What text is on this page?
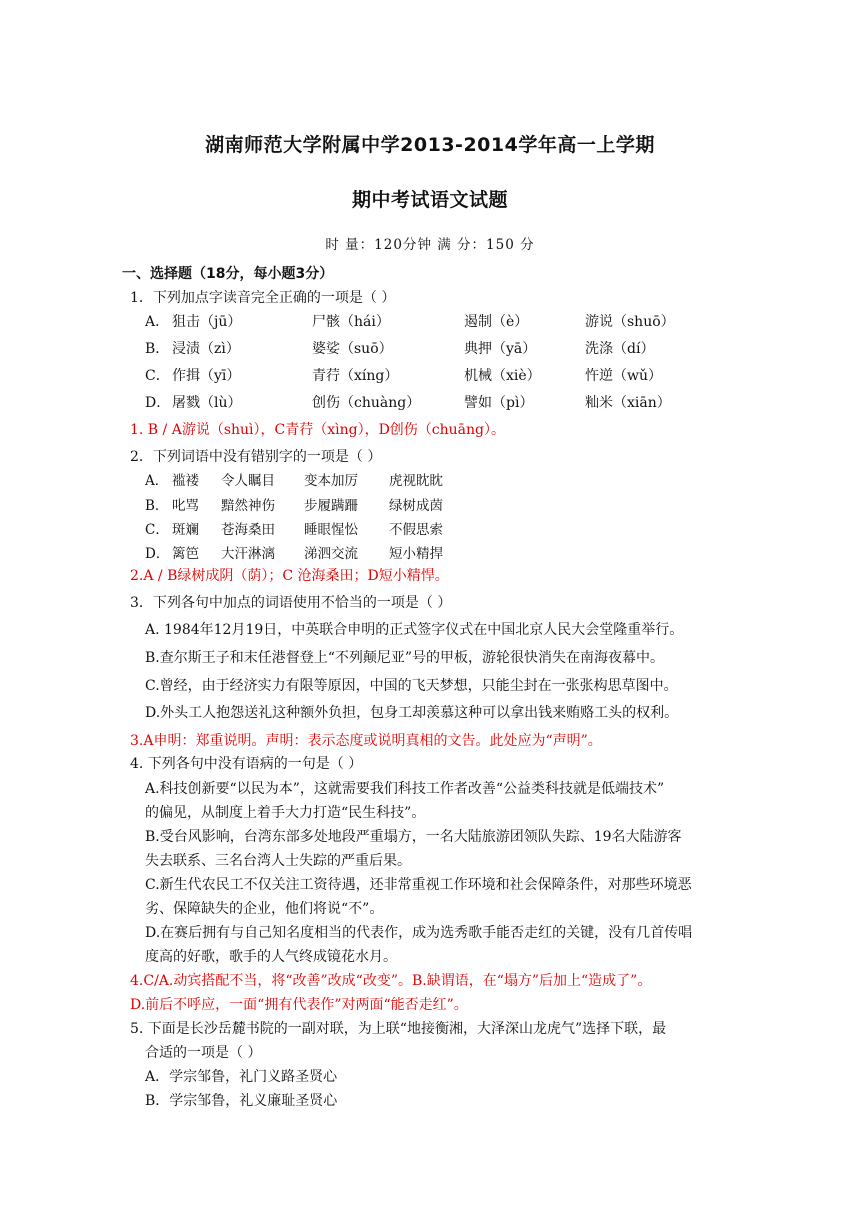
湖南师范大学附属中学2013-2014学年高一上学期
期中考试语文试题
时 量：120分钟 满 分：150 分
一、选择题（18分，每小题3分）
1．下列加点字读音完全正确的一项是（ ）
A． 狙击（jū）	尸骸（hái）	遏制（è）	游说（shuō）
B． 浸渍（zì）	婆娑（suō）	典押（yā）	洗涤（dí）
C． 作揖（yī）	青荇（xíng）	机械（xiè）	忤逆（wǔ）
D． 屠戮（lù）	创伤（chuàng）	譬如（pì）	籼米（xiān）
1. B / A游说（shuì），C青荇（xìng），D创伤（chuāng）。
2．下列词语中没有错别字的一项是（ ）
A． 褴褛 令人瞩目 变本加厉 虎视眈眈
B． 叱骂 黯然神伤 步履蹒跚 绿树成茵
C． 斑斓 苍海桑田 睡眼惺忪 不假思索
D． 篱笆 大汗淋漓 涕泗交流 短小精捍
2.A / B绿树成阴（荫）；C 沧海桑田；D短小精悍。
3．下列各句中加点的词语使用不恰当的一项是（ ）
A. 1984年12月19日，中英联合申明的正式签字仪式在中国北京人民大会堂隆重举行。
B.查尔斯王子和末任港督登上“不列颠尼亚”号的甲板，游轮很快消失在南海夜幕中。
C.曾经，由于经济实力有限等原因，中国的飞天梦想，只能尘封在一张张构思草图中。
D.外头工人抱怨送礼这种额外负担，包身工却羡慕这种可以拿出钱来贿赂工头的权利。
3.A申明：郑重说明。声明：表示态度或说明真相的文告。此处应为“声明”。
4. 下列各句中没有语病的一句是（ ）
A.科技创新要“以民为本”，这就需要我们科技工作者改善“公益类科技就是低端技术”
的偏见，从制度上着手大力打造“民生科技”。
B.受台风影响，台湾东部多处地段严重塌方，一名大陆旅游团领队失踪、19名大陆游客
失去联系、三名台湾人士失踪的严重后果。
C.新生代农民工不仅关注工资待遇，还非常重视工作环境和社会保障条件，对那些环境恶
劣、保障缺失的企业，他们将说“不”。
D.在赛后拥有与自己知名度相当的代表作，成为选秀歌手能否走红的关键，没有几首传唱
度高的好歌，歌手的人气终成镜花水月。
4.C/A.动宾搭配不当，将“改善”改成“改变”。B.缺谓语，在“塌方”后加上“造成了”。
D.前后不呼应，一面“拥有代表作”对两面“能否走红”。
5. 下面是长沙岳麓书院的一副对联，为上联“地接衡湘，大泽深山龙虎气”选择下联，最
合适的一项是（ ）
A．学宗邹鲁，礼门义路圣贤心
B．学宗邹鲁，礼义廉耻圣贤心
